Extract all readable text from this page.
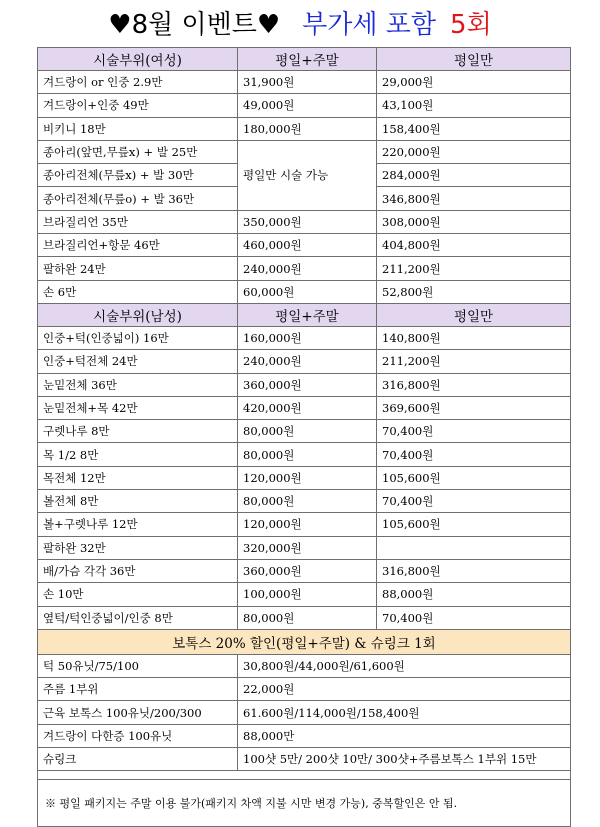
♥8월 이벤트♥ 부가세 포함 5회
시술부위(여성)	평일+주말	평일만
겨드랑이 or 인중 2.9만	31,900원	29,000원
겨드랑이+인중 49만	49,000원	43,100원
비키니 18만	180,000원	158,400원
종아리(앞면,무릎x) + 발 25만		220,000원
종아리전체(무릎x) + 발 30만	평일만 시술 가능	284,000원
종아리전체(무릎o) + 발 36만		346,800원
브라질리언 35만	350,000원	308,000원
브라질리언+항문 46만	460,000원	404,800원
팔하완 24만	240,000원	211,200원
손 6만	60,000원	52,800원
시술부위(남성)	평일+주말	평일만
인중+턱(인중넓이) 16만	160,000원	140,800원
인중+턱전체 24만	240,000원	211,200원
눈밑전체 36만	360,000원	316,800원
눈밑전체+목 42만	420,000원	369,600원
구렛나루 8만	80,000원	70,400원
목 1/2 8만	80,000원	70,400원
목전체 12만	120,000원	105,600원
볼전체 8만	80,000원	70,400원
볼+구렛나루 12만	120,000원	105,600원
팔하완 32만	320,000원	
배/가슴 각각 36만	360,000원	316,800원
손 10만	100,000원	88,000원
옆턱/턱인중넓이/인중 8만	80,000원	70,400원
보톡스 20% 할인(평일+주말) & 슈링크 1회		
턱 50유닛/75/100	30,800원/44,000원/61,600원	
주름 1부위	22,000원	
근육 보톡스 100유닛/200/300	61.600원/114,000원/158,400원	
겨드랑이 다한증 100유닛	88,000만	
슈링크	100샷 5만/ 200샷 10만/ 300샷+주름보톡스 1부위 15만	

※ 평일 패키지는 주말 이용 불가(패키지 차액 지불 시만 변경 가능), 중복할인은 안 됨.		
